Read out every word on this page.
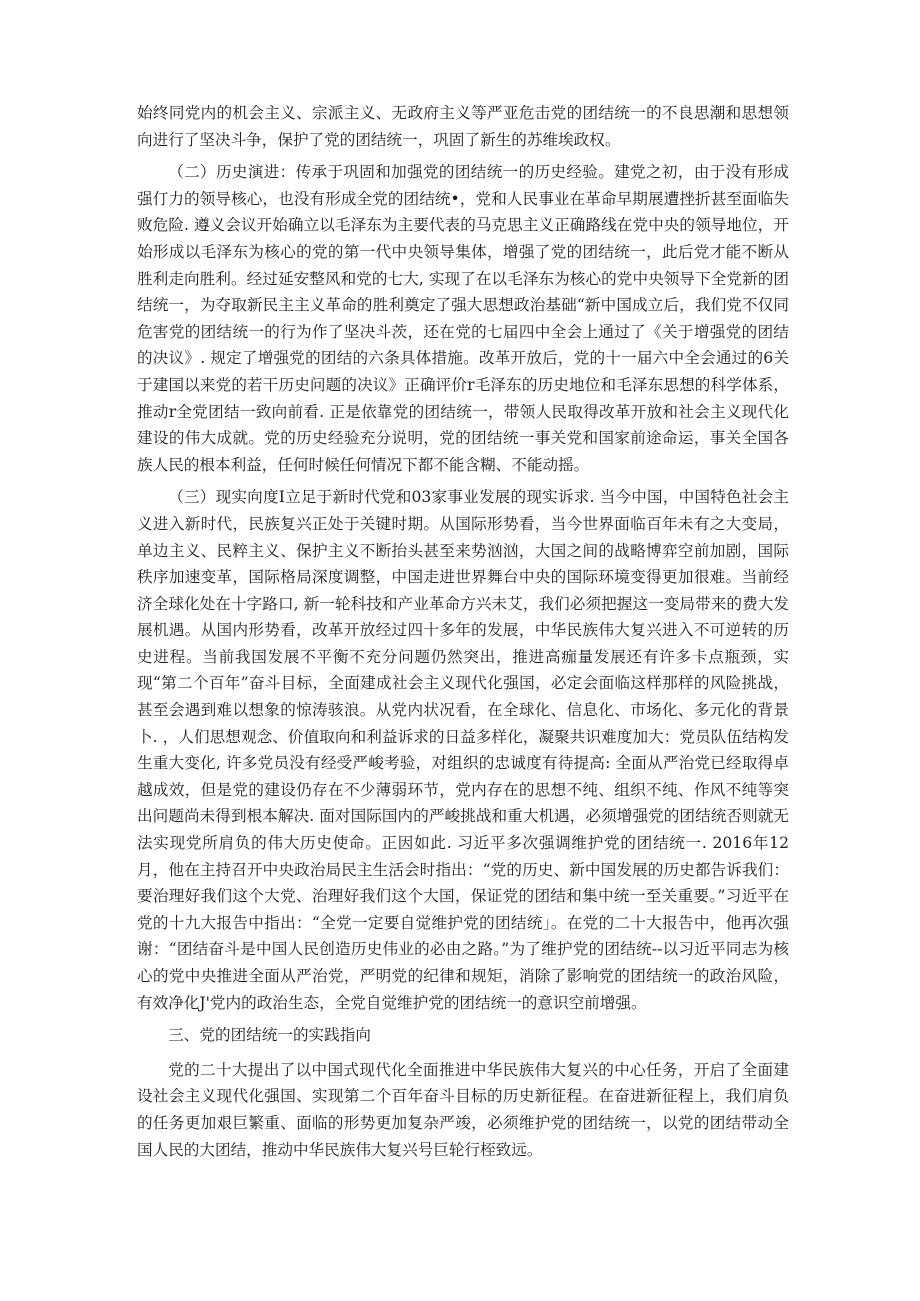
始终同党内的机会主义、宗派主义、无政府主义等严亚危击党的团结统一的不良思潮和思想领向进行了坚决斗争，保护了党的团结统一，巩固了新生的苏维埃政权。

（二）历史演进：传承于巩固和加强党的团结统一的历史经验。建党之初，由于没有形成强仃力的领导核心，也没有形成全党的团结统•，党和人民事业在革命早期展遭挫折甚至面临失败危险. 遵义会议开始确立以毛泽东为主要代表的马克思主义正确路线在党中央的领导地位，开始形成以毛泽东为核心的党的第一代中央领导集体，增强了党的团结统一，此后党才能不断从胜利走向胜利。经过延安整风和党的七大, 实现了在以毛泽东为核心的党中央领导下全党新的团结统一，为夺取新民主主义革命的胜利奠定了强大思想政治基础“新中国成立后，我们党不仅同危害党的团结统一的行为作了坚决斗茨，还在党的七届四中全会上通过了《关于增强党的团结的决议》. 规定了增强党的团结的六条具体措施。改革开放后，党的十一届六中全会通过的6关于建国以来党的若干历史问题的决议》正确评价r毛泽东的历史地位和毛泽东思想的科学体系，推动r全党团结一致向前看. 正是依靠党的团结统一，带领人民取得改革开放和社会主义现代化建设的伟大成就。党的历史经验充分说明，党的团结统一事关党和国家前途命运，事关全国各族人民的根本利益，任何时候任何情况下都不能含糊、不能动摇。

（三）现实向度I立足于新时代党和03家事业发展的现实诉求. 当今中国，中国特色社会主义进入新时代，民族复兴正处于关键时期。从国际形势看，当今世界面临百年未有之大变局，单边主义、民粹主义、保护主义不断抬头甚至来势汹汹，大国之间的战略博弈空前加剧，国际秩序加速变革，国际格局深度调整，中国走进世界舞台中央的国际环境变得更加很难。当前经济全球化处在十字路口, 新一轮科技和产业革命方兴未艾，我们必须把握这一变局带来的费大发展机遇。从国内形势看，改革开放经过四十多年的发展，中华民族伟大复兴进入不可逆转的历史进程。当前我国发展不平衡不充分问题仍然突出，推进高痂量发展还有许多卡点瓶颈，实现“第二个百年”奋斗目标，全面建成社会主义现代化强国，必定会面临这样那样的风险挑战，甚至会遇到难以想象的惊涛骇浪。从党内状况看，在全球化、信息化、市场化、多元化的背景卜. ，人们思想观念、价值取向和利益诉求的日益多样化，凝聚共识难度加大：党员队伍结构发生重大变化, 许多党员没有经受严峻考验，对组织的忠诚度有待提高: 全面从严治党已经取得卓越成效，但是党的建设仍存在不少薄弱环节，党内存在的思想不纯、组织不纯、作风不纯等突出问题尚未得到根本解决. 面对国际国内的严峻挑战和重大机遇，必须增强党的团结统否则就无法实现党所肩负的伟大历史使命。正因如此. 习近平多次强调维护党的团结统一. 2016年12月，他在主持召开中央政治局民主生活会时指出：“党的历史、新中国发展的历史都告诉我们：要治理好我们这个大党、治理好我们这个大国，保证党的团结和集中统一至关重要。”习近平在党的十九大报告中指出：“全党一定要自觉维护党的团结统」。在党的二十大报告中，他再次强谢：“团结奋斗是中国人民创造历史伟业的必由之路。”为了维护党的团结统--以习近平同志为核心的党中央推进全面从严治党，严明党的纪律和规矩，消除了影响党的团结统一的政治风险，有效净化J'党内的政治生态，全党自觉维护党的团结统一的意识空前增强。

三、党的团结统一的实践指向

党的二十大提出了以中国式现代化全面推进中华民族伟大复兴的中心任务，开启了全面建设社会主义现代化强国、实现第二个百年奋斗目标的历史新征程。在奋进新征程上，我们肩负的任务更加艰巨繁重、面临的形势更加复杂严竣，必须维护党的团结统一，以党的团结带动全国人民的大团结，推动中华民族伟大复兴号巨轮行桎致远。
